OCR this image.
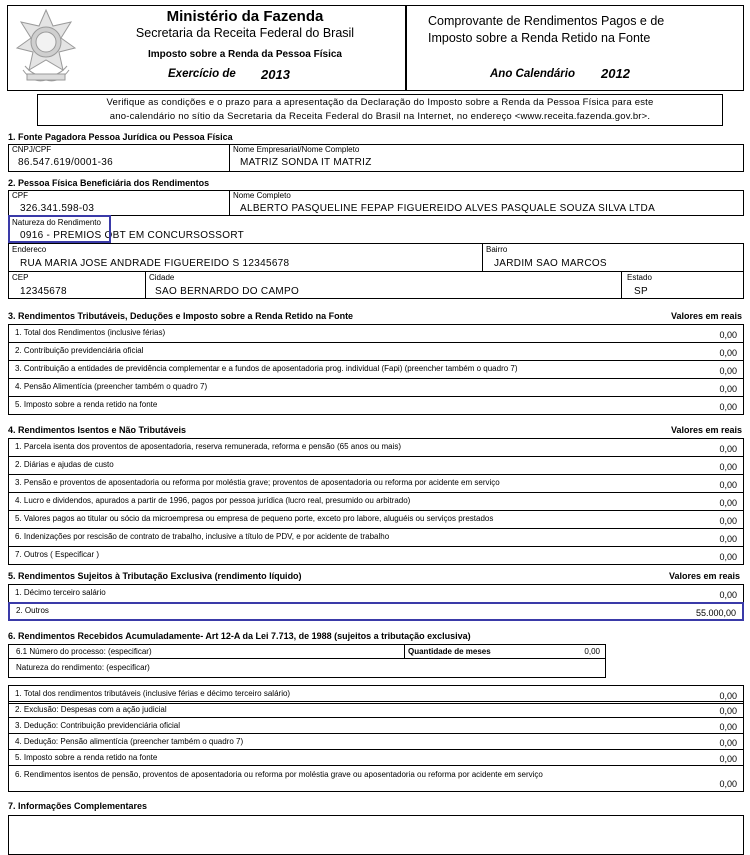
Ministério da Fazenda
Secretaria da Receita Federal do Brasil
Imposto sobre a Renda da Pessoa Física
Exercício de 2013
Comprovante de Rendimentos Pagos e de
Imposto sobre a Renda Retido na Fonte
Ano Calendário 2012
Verifique as condições e o prazo para a apresentação da Declaração do Imposto sobre a Renda da Pessoa Física para este
ano-calendário no sítio da Secretaria da Receita Federal do Brasil na Internet, no endereço <www.receita.fazenda.gov.br>.
1. Fonte Pagadora Pessoa Jurídica ou Pessoa Física
CNPJ/CPF
86.547.619/0001-36
Nome Empresarial/Nome Completo
MATRIZ SONDA IT MATRIZ
2. Pessoa Física Beneficiária dos Rendimentos
CPF
326.341.598-03
Nome Completo
ALBERTO PASQUELINE FEPAP FIGUEREIDO ALVES PASQUALE SOUZA SILVA LTDA
Natureza do Rendimento
0916 - PREMIOS OBT EM CONCURSOSSORT
Endereco
RUA MARIA JOSE ANDRADE FIGUEREIDO S 12345678
Bairro
JARDIM SAO MARCOS
CEP
12345678
Cidade
SAO BERNARDO DO CAMPO
Estado
SP
3. Rendimentos Tributáveis, Deduções e Imposto sobre a Renda Retido na Fonte	Valores em reais
1. Total dos Rendimentos (inclusive férias)	0,00
2. Contribuição previdenciária oficial	0,00
3. Contribuição a entidades de previdência complementar e a fundos de aposentadoria prog. individual (Fapi) (preencher também o quadro 7)	0,00
4. Pensão Alimentícia (preencher também o quadro 7)	0,00
5. Imposto sobre a renda retido na fonte	0,00
4. Rendimentos Isentos e Não Tributáveis	Valores em reais
1. Parcela isenta dos proventos de aposentadoria, reserva remunerada, reforma e pensão (65 anos ou mais)	0,00
2. Diárias e ajudas de custo	0,00
3. Pensão e proventos de aposentadoria ou reforma por moléstia grave; proventos de aposentadoria ou reforma por acidente em serviço	0,00
4. Lucro e dividendos, apurados a partir de 1996, pagos por pessoa jurídica (lucro real, presumido ou arbitrado)	0,00
5. Valores pagos ao titular ou sócio da microempresa ou empresa de pequeno porte, exceto pro labore, aluguéis ou serviços prestados	0,00
6. Indenizações por rescisão de contrato de trabalho, inclusive a título de PDV, e por acidente de trabalho	0,00
7. Outros ( Especificar )	0,00
5. Rendimentos Sujeitos à Tributação Exclusiva (rendimento líquido)	Valores em reais
1. Décimo terceiro salário	0,00
2. Outros	55.000,00
6. Rendimentos Recebidos Acumuladamente- Art 12-A da Lei 7.713, de 1988 (sujeitos a tributação exclusiva)
6.1 Número do processo: (especificar)	Quantidade de meses	0,00
Natureza do rendimento: (especificar)
1. Total dos rendimentos tributáveis (inclusive férias e décimo terceiro salário)	0,00
2. Exclusão: Despesas com a ação judicial	0,00
3. Dedução: Contribuição previdenciária oficial	0,00
4. Dedução: Pensão alimentícia (preencher também o quadro 7)	0,00
5. Imposto sobre a renda retido na fonte	0,00
6. Rendimentos isentos de pensão, proventos de aposentadoria ou reforma por moléstia grave ou aposentadoria ou reforma por acidente em serviço
0,00
7. Informações Complementares
